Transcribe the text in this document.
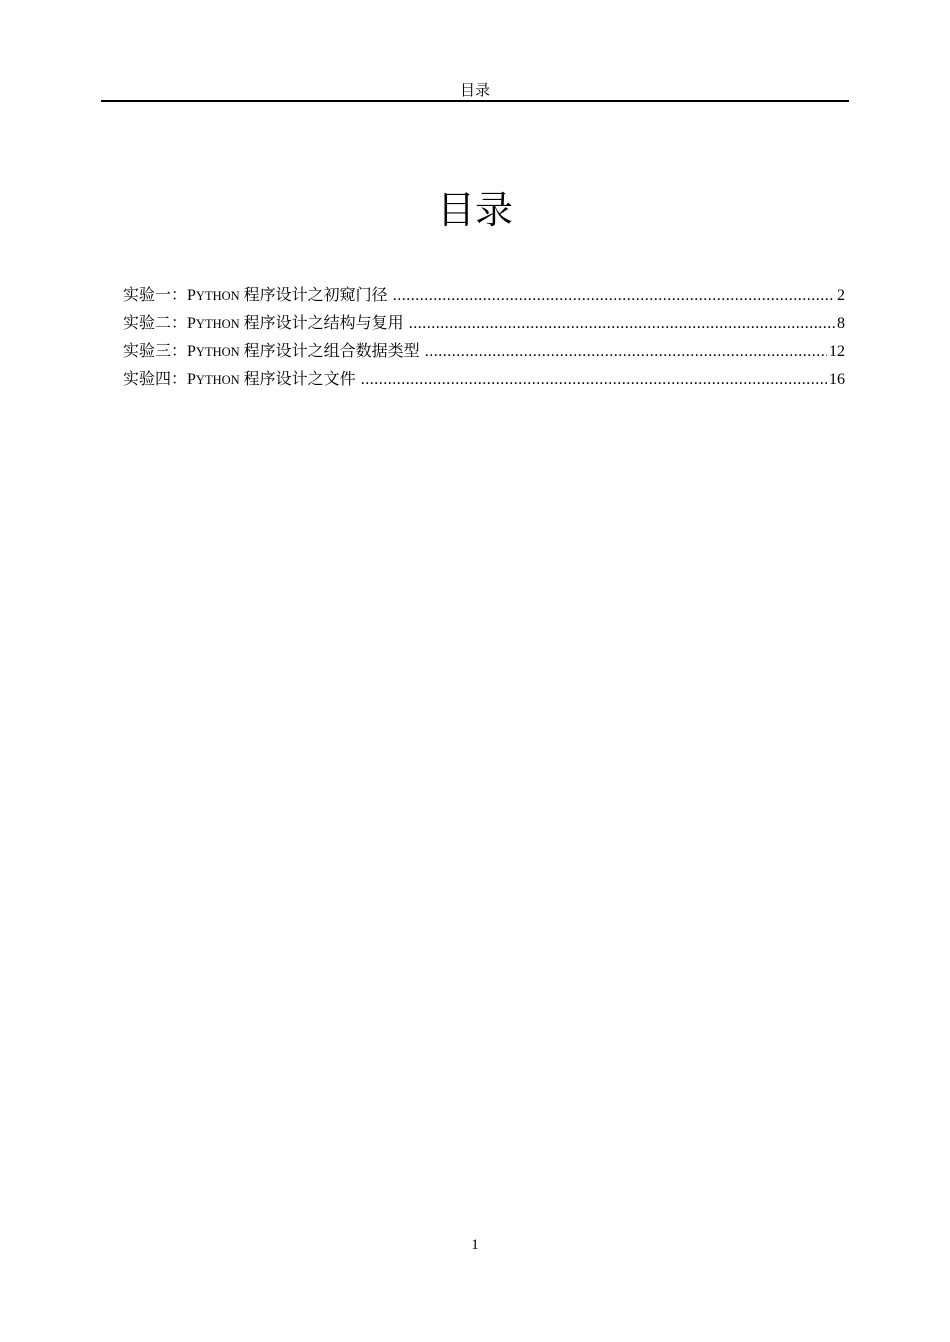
目录
目录
实验一：PYTHON 程序设计之初窥门径 .....	2
实验二：PYTHON 程序设计之结构与复用 .....	8
实验三：PYTHON 程序设计之组合数据类型 .....	12
实验四：PYTHON 程序设计之文件 .....	16
1
